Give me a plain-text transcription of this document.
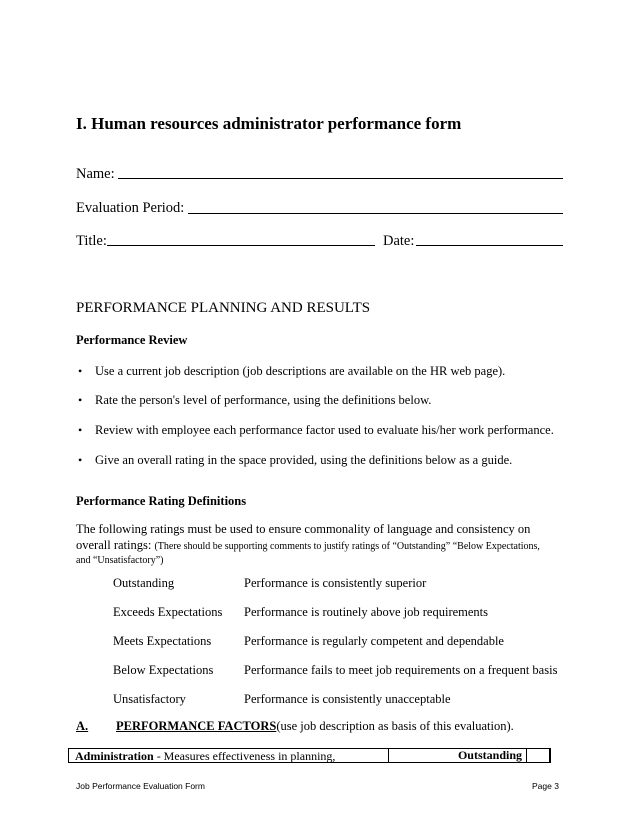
I. Human resources administrator performance form
Name:
Evaluation Period:
Title:	Date:
PERFORMANCE PLANNING AND RESULTS
Performance Review
• Use a current job description (job descriptions are available on the HR web page).
• Rate the person's level of performance, using the definitions below.
• Review with employee each performance factor used to evaluate his/her work performance.
• Give an overall rating in the space provided, using the definitions below as a guide.
Performance Rating Definitions
The following ratings must be used to ensure commonality of language and consistency on
overall ratings: (There should be supporting comments to justify ratings of “Outstanding” “Below Expectations,
and “Unsatisfactory”)
Outstanding	Performance is consistently superior
Exceeds Expectations Performance is routinely above job requirements
Meets Expectations	Performance is regularly competent and dependable
Below Expectations Performance fails to meet job requirements on a frequent basis
Unsatisfactory	Performance is consistently unacceptable
A. PERFORMANCE FACTORS(use job description as basis of this evaluation).
Administration - Measures effectiveness in planning,	Outstanding
Job Performance Evaluation Form	Page 3
